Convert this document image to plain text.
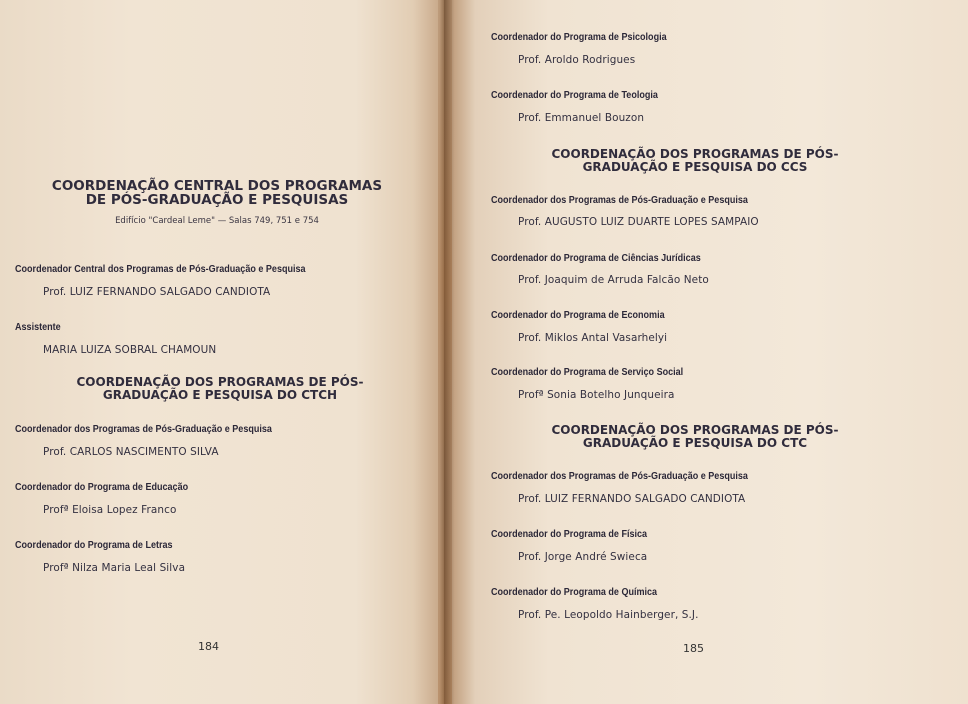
COORDENAÇÃO CENTRAL DOS PROGRAMAS DE PÓS-GRADUAÇÃO E PESQUISAS
Edifício "Cardeal Leme" — Salas 749, 751 e 754
Coordenador Central dos Programas de Pós-Graduação e Pesquisa
Prof. LUIZ FERNANDO SALGADO CANDIOTA
Assistente
MARIA LUIZA SOBRAL CHAMOUN
COORDENAÇÃO DOS PROGRAMAS DE PÓS-GRADUAÇÃO E PESQUISA DO CTCH
Coordenador dos Programas de Pós-Graduação e Pesquisa
Prof. CARLOS NASCIMENTO SILVA
Coordenador do Programa de Educação
Profª Eloisa Lopez Franco
Coordenador do Programa de Letras
Profª Nilza Maria Leal Silva
184
Coordenador do Programa de Psicologia
Prof. Aroldo Rodrigues
Coordenador do Programa de Teologia
Prof. Emmanuel Bouzon
COORDENAÇÃO DOS PROGRAMAS DE PÓS-GRADUAÇÃO E PESQUISA DO CCS
Coordenador dos Programas de Pós-Graduação e Pesquisa
Prof. AUGUSTO LUIZ DUARTE LOPES SAMPAIO
Coordenador do Programa de Ciências Jurídicas
Prof. Joaquim de Arruda Falcão Neto
Coordenador do Programa de Economia
Prof. Miklos Antal Vasarhelyi
Coordenador do Programa de Serviço Social
Profª Sonia Botelho Junqueira
COORDENAÇÃO DOS PROGRAMAS DE PÓS-GRADUAÇÃO E PESQUISA DO CTC
Coordenador dos Programas de Pós-Graduação e Pesquisa
Prof. LUIZ FERNANDO SALGADO CANDIOTA
Coordenador do Programa de Física
Prof. Jorge André Swieca
Coordenador do Programa de Química
Prof. Pe. Leopoldo Hainberger, S.J.
185
